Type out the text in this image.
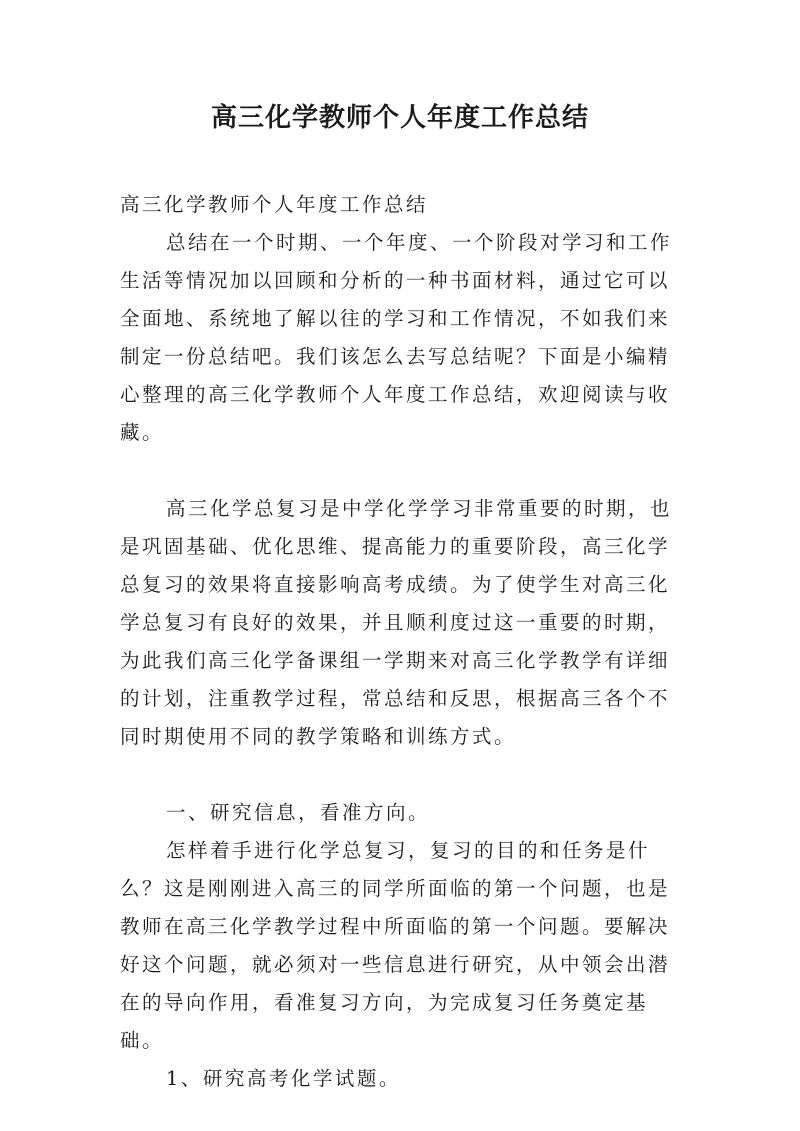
高三化学教师个人年度工作总结

高三化学教师个人年度工作总结

总结在一个时期、一个年度、一个阶段对学习和工作生活等情况加以回顾和分析的一种书面材料，通过它可以全面地、系统地了解以往的学习和工作情况，不如我们来制定一份总结吧。我们该怎么去写总结呢？下面是小编精心整理的高三化学教师个人年度工作总结，欢迎阅读与收藏。

高三化学总复习是中学化学学习非常重要的时期，也是巩固基础、优化思维、提高能力的重要阶段，高三化学总复习的效果将直接影响高考成绩。为了使学生对高三化学总复习有良好的效果，并且顺利度过这一重要的时期，为此我们高三化学备课组一学期来对高三化学教学有详细的计划，注重教学过程，常总结和反思，根据高三各个不同时期使用不同的教学策略和训练方式。

一、研究信息，看准方向。

怎样着手进行化学总复习，复习的目的和任务是什么？这是刚刚进入高三的同学所面临的第一个问题，也是教师在高三化学教学过程中所面临的第一个问题。要解决好这个问题，就必须对一些信息进行研究，从中领会出潜在的导向作用，看准复习方向，为完成复习任务奠定基础。

1、研究高考化学试题。
